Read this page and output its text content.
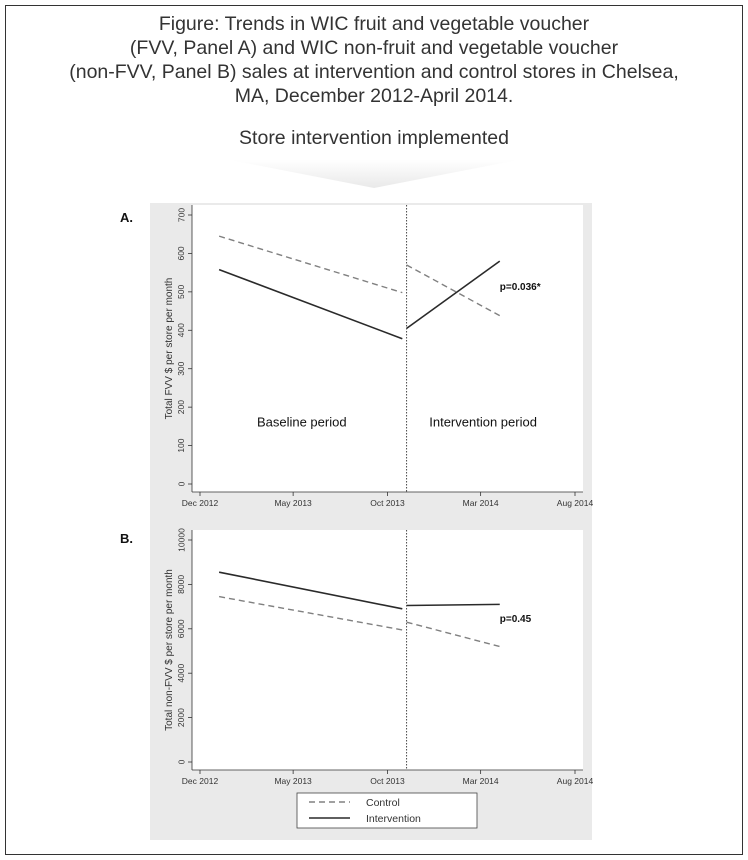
Figure: Trends in WIC fruit and vegetable voucher
(FVV, Panel A) and WIC non-fruit and vegetable voucher
(non-FVV, Panel B) sales at intervention and control stores in Chelsea,
MA, December 2012-April 2014.
Store intervention implemented
0
100
200
300
400
500
600
700
Dec 2012	May 2013	Oct 2013	Mar 2014	Aug 2014
Total FVV $ per store per month
A.
Baseline period	Intervention period
p=0.036*
0
2000
4000
6000
8000
10000
Dec 2012	May 2013	Oct 2013	Mar 2014	Aug 2014
Total non-FVV $ per store per month
B.
p=0.45
Control
Intervention
